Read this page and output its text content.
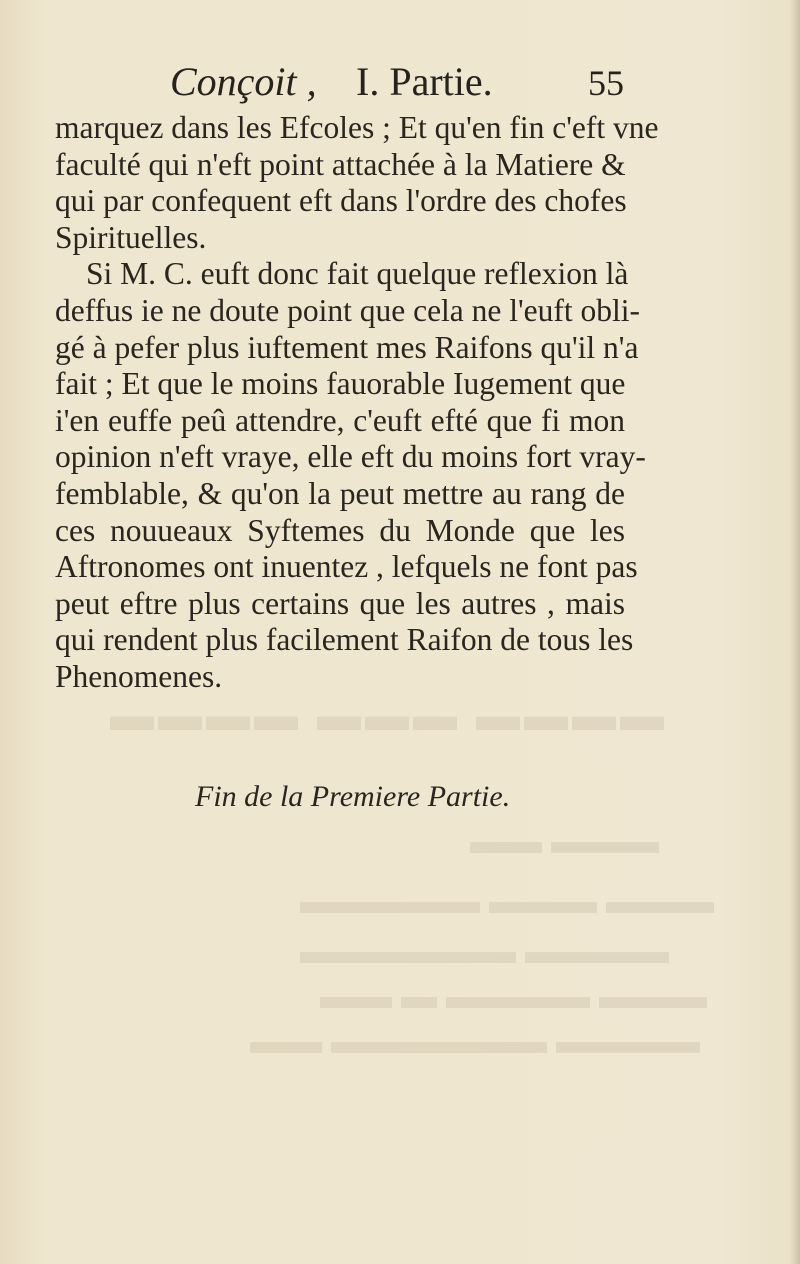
▬▬▬▬ ▬▬▬ ▬▬▬▬
▬▬ ▬▬▬
▬▬▬▬▬ ▬▬▬ ▬▬▬
▬▬▬▬▬▬ ▬▬▬▬
▬▬ ▬ ▬▬▬▬ ▬▬▬
▬▬ ▬▬▬▬▬▬ ▬▬▬▬
Conçoit , I. Partie.	55
marquez dans les Efcoles ; Et qu'en fin c'eft vne
faculté qui n'eft point attachée à la Matiere &
qui par confequent eft dans l'ordre des chofes
Spirituelles.
Si M. C. euft donc fait quelque reflexion là
deffus ie ne doute point que cela ne l'euft obli-
gé à pefer plus iuftement mes Raifons qu'il n'a
fait ; Et que le moins fauorable Iugement que
i'en euffe peû attendre, c'euft efté que fi mon
opinion n'eft vraye, elle eft du moins fort vray-
femblable, & qu'on la peut mettre au rang de
ces nouueaux Syftemes du Monde que les
Aftronomes ont inuentez , lefquels ne font pas
peut eftre plus certains que les autres , mais
qui rendent plus facilement Raifon de tous les
Phenomenes.
Fin de la Premiere Partie.
